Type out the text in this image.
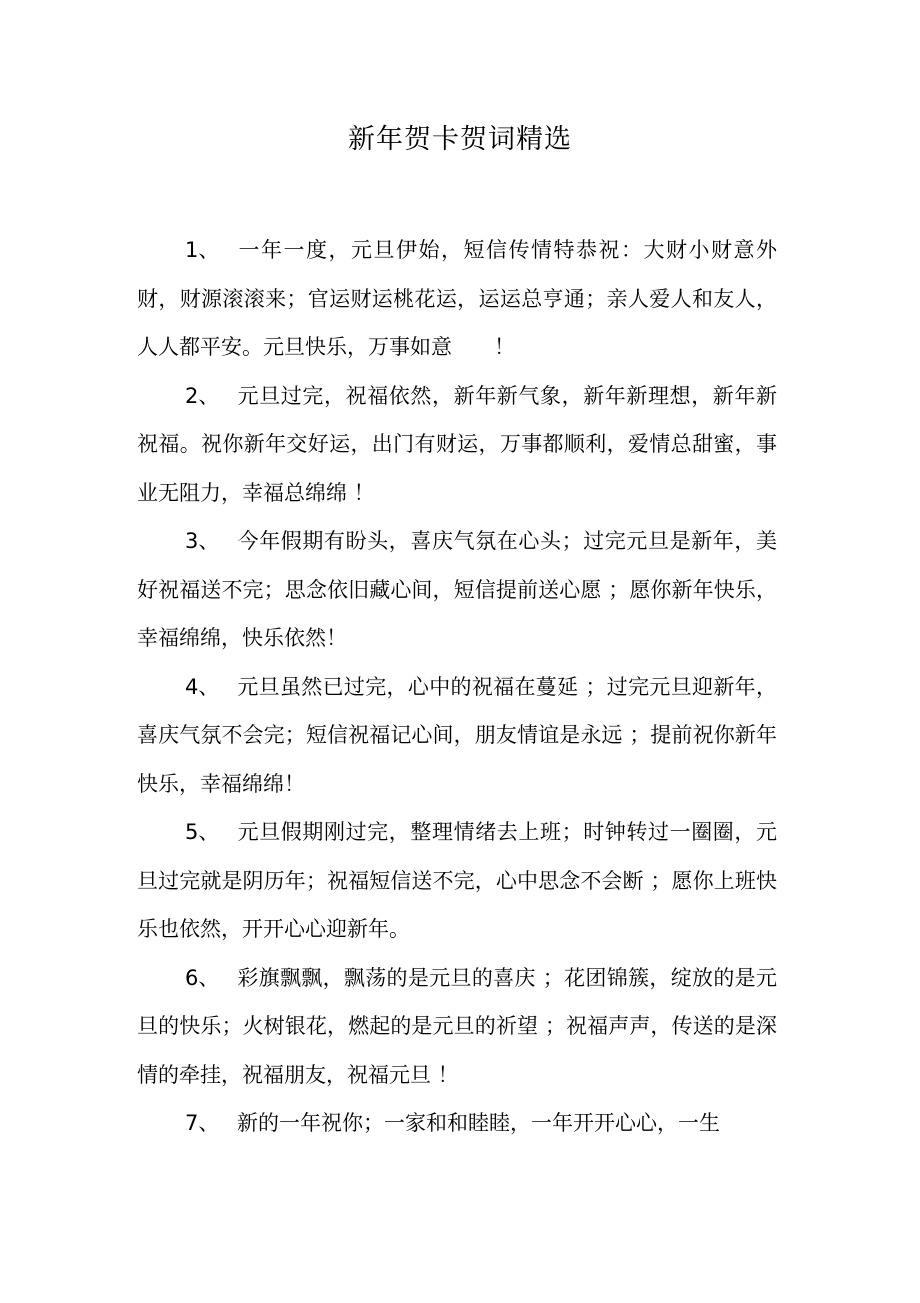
新年贺卡贺词精选

1、 一年一度，元旦伊始，短信传情特恭祝：大财小财意外财，财源滚滚来；官运财运桃花运，运运总亨通；亲人爱人和友人，人人都平安。元旦快乐，万事如意　　！

2、 元旦过完，祝福依然，新年新气象，新年新理想，新年新祝福。祝你新年交好运，出门有财运，万事都顺利，爱情总甜蜜，事业无阻力，幸福总绵绵 ！

3、 今年假期有盼头，喜庆气氛在心头；过完元旦是新年，美好祝福送不完；思念依旧藏心间，短信提前送心愿 ；愿你新年快乐，幸福绵绵，快乐依然！

4、 元旦虽然已过完，心中的祝福在蔓延 ；过完元旦迎新年，喜庆气氛不会完；短信祝福记心间，朋友情谊是永远 ；提前祝你新年快乐，幸福绵绵！

5、 元旦假期刚过完，整理情绪去上班；时钟转过一圈圈，元旦过完就是阴历年；祝福短信送不完，心中思念不会断 ；愿你上班快乐也依然，开开心心迎新年。

6、 彩旗飘飘，飘荡的是元旦的喜庆 ；花团锦簇，绽放的是元旦的快乐；火树银花，燃起的是元旦的祈望 ；祝福声声，传送的是深情的牵挂，祝福朋友，祝福元旦 ！

7、 新的一年祝你；一家和和睦睦，一年开开心心，一生
